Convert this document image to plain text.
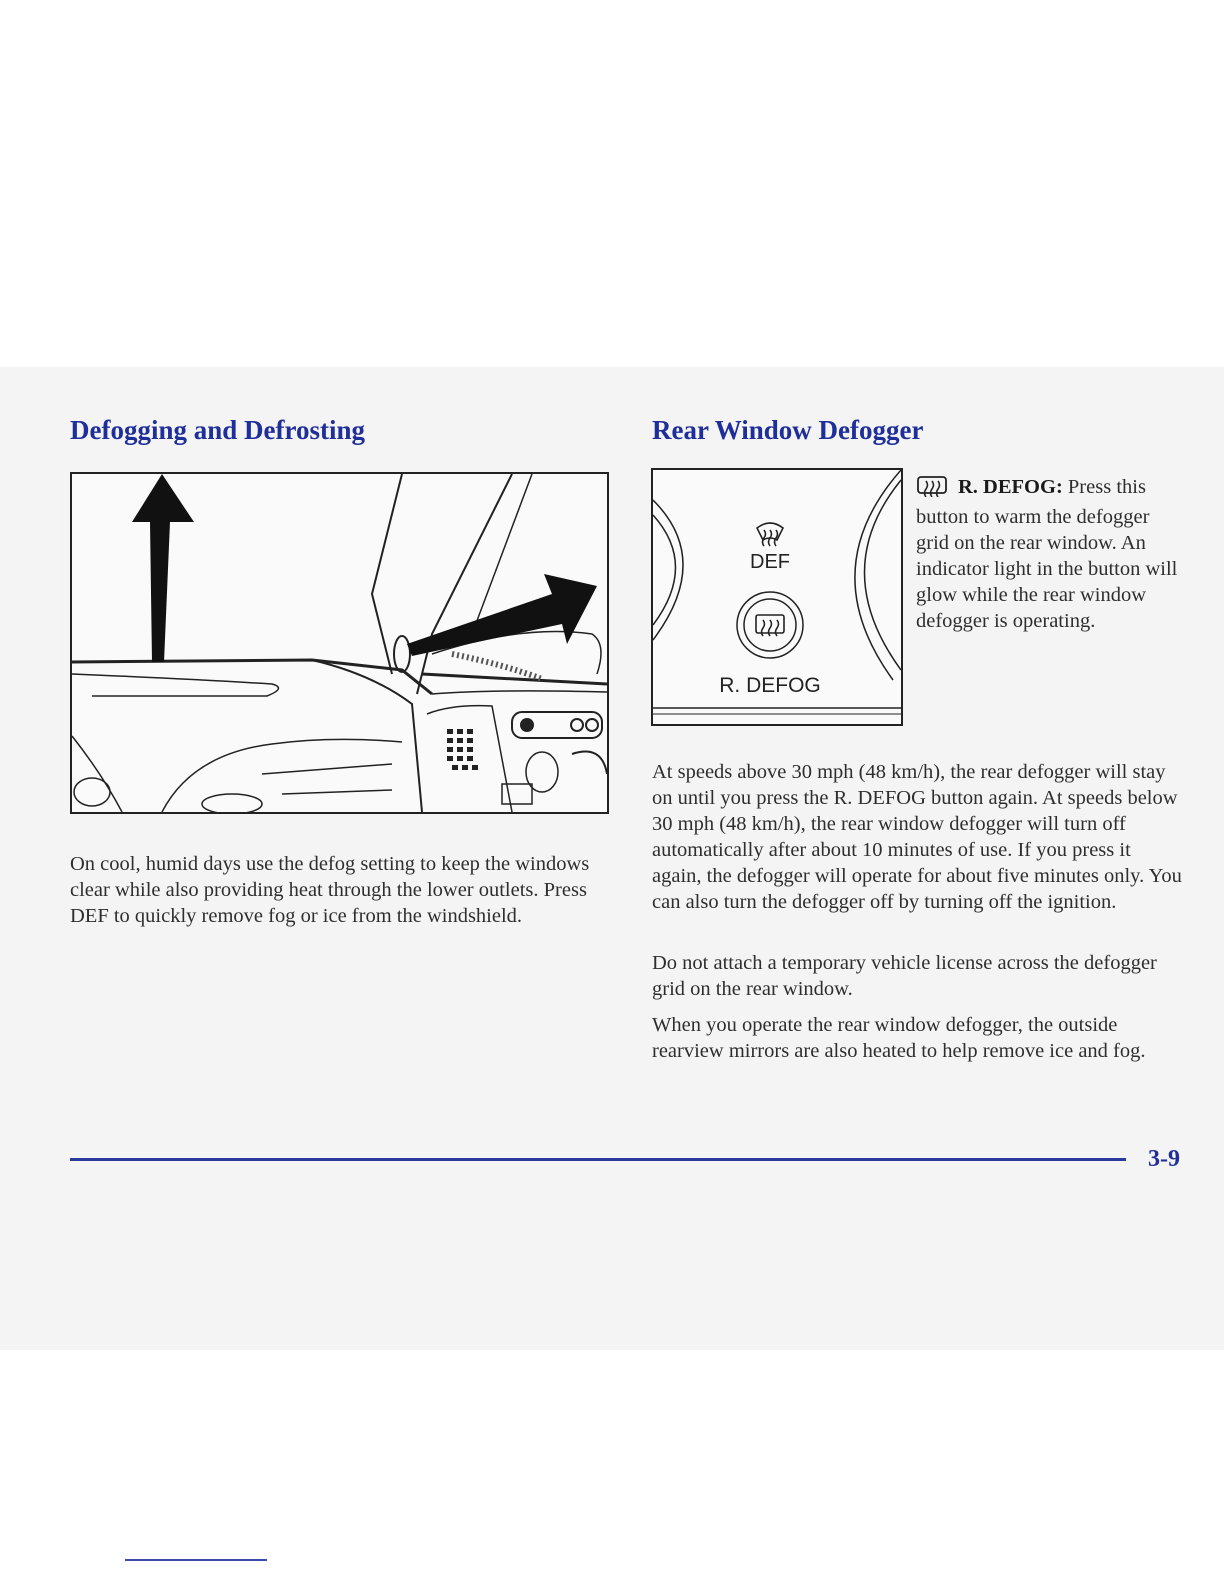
Defogging and Defrosting

On cool, humid days use the defog setting to keep the windows clear while also providing heat through the lower outlets. Press DEF to quickly remove fog or ice from the windshield.

Rear Window Defogger
DEF
R. DEFOG

R. DEFOG: Press this button to warm the defogger grid on the rear window. An indicator light in the button will glow while the rear window defogger is operating.

At speeds above 30 mph (48 km/h), the rear defogger will stay on until you press the R. DEFOG button again. At speeds below 30 mph (48 km/h), the rear window defogger will turn off automatically after about 10 minutes of use. If you press it again, the defogger will operate for about five minutes only. You can also turn the defogger off by turning off the ignition.

Do not attach a temporary vehicle license across the defogger grid on the rear window.

When you operate the rear window defogger, the outside rearview mirrors are also heated to help remove ice and fog.

3-9
